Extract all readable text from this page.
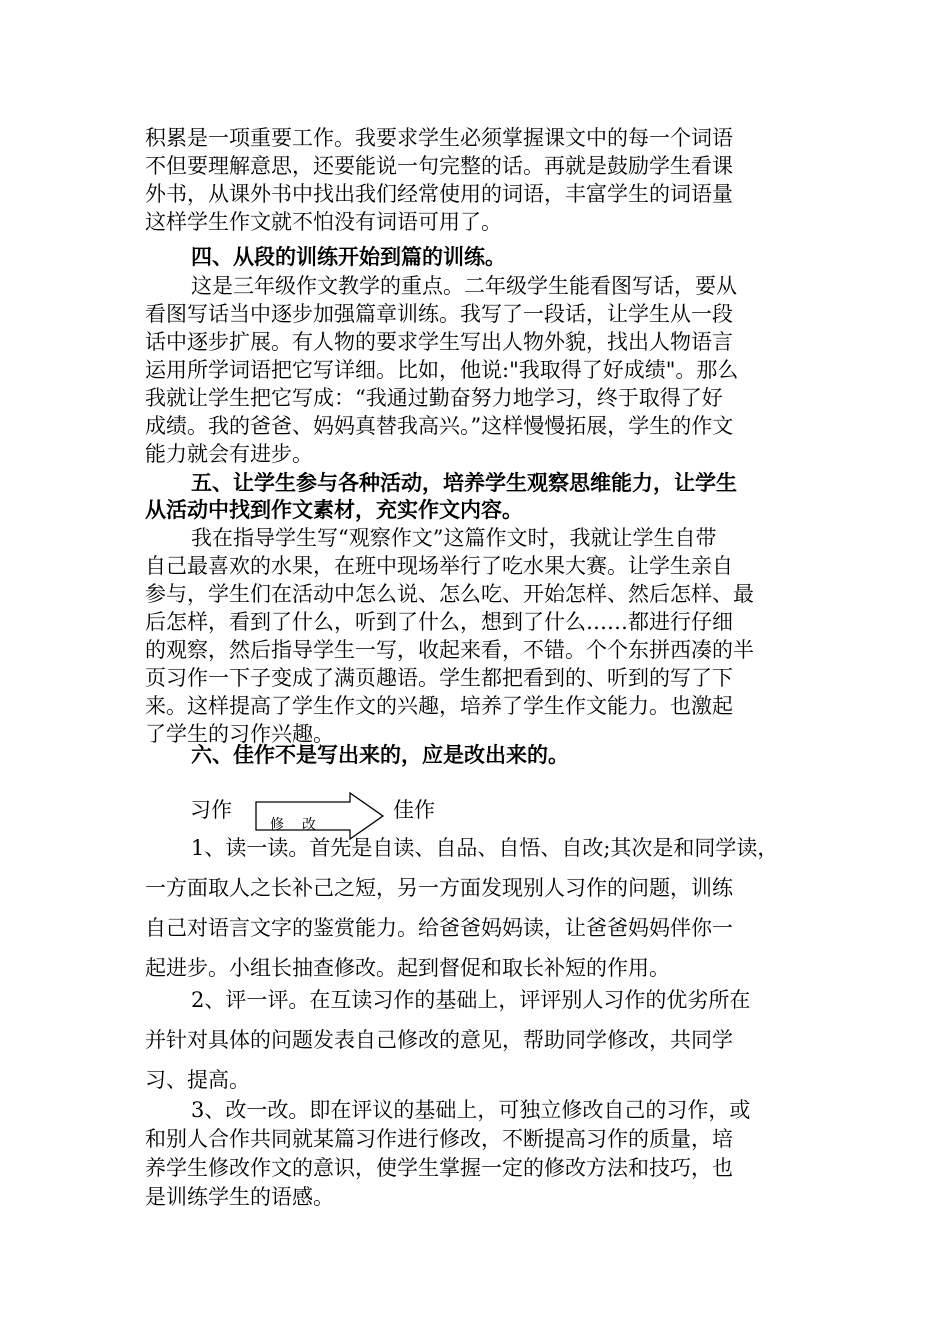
积累是一项重要工作。我要求学生必须掌握课文中的每一个词语
不但要理解意思，还要能说一句完整的话。再就是鼓励学生看课
外书，从课外书中找出我们经常使用的词语，丰富学生的词语量
这样学生作文就不怕没有词语可用了。
四、从段的训练开始到篇的训练。
这是三年级作文教学的重点。二年级学生能看图写话，要从
看图写话当中逐步加强篇章训练。我写了一段话，让学生从一段
话中逐步扩展。有人物的要求学生写出人物外貌，找出人物语言
运用所学词语把它写详细。比如，他说:"我取得了好成绩"。那么
我就让学生把它写成：“我通过勤奋努力地学习，终于取得了好
成绩。我的爸爸、妈妈真替我高兴。”这样慢慢拓展，学生的作文
能力就会有进步。
五、让学生参与各种活动，培养学生观察思维能力，让学生
从活动中找到作文素材，充实作文内容。
我在指导学生写“观察作文”这篇作文时，我就让学生自带
自己最喜欢的水果，在班中现场举行了吃水果大赛。让学生亲自
参与，学生们在活动中怎么说、怎么吃、开始怎样、然后怎样、最
后怎样，看到了什么，听到了什么，想到了什么……都进行仔细
的观察，然后指导学生一写，收起来看，不错。个个东拼西凑的半
页习作一下子变成了满页趣语。学生都把看到的、听到的写了下
来。这样提高了学生作文的兴趣，培养了学生作文能力。也激起
了学生的习作兴趣。
六、佳作不是写出来的，应是改出来的。
习作
修改
佳作
1、读一读。首先是自读、自品、自悟、自改;其次是和同学读，
一方面取人之长补己之短，另一方面发现别人习作的问题，训练
自己对语言文字的鉴赏能力。给爸爸妈妈读，让爸爸妈妈伴你一
起进步。小组长抽查修改。起到督促和取长补短的作用。
2、评一评。在互读习作的基础上，评评别人习作的优劣所在
并针对具体的问题发表自己修改的意见，帮助同学修改，共同学
习、提高。
3、改一改。即在评议的基础上，可独立修改自己的习作，或
和别人合作共同就某篇习作进行修改，不断提高习作的质量，培
养学生修改作文的意识，使学生掌握一定的修改方法和技巧，也
是训练学生的语感。
